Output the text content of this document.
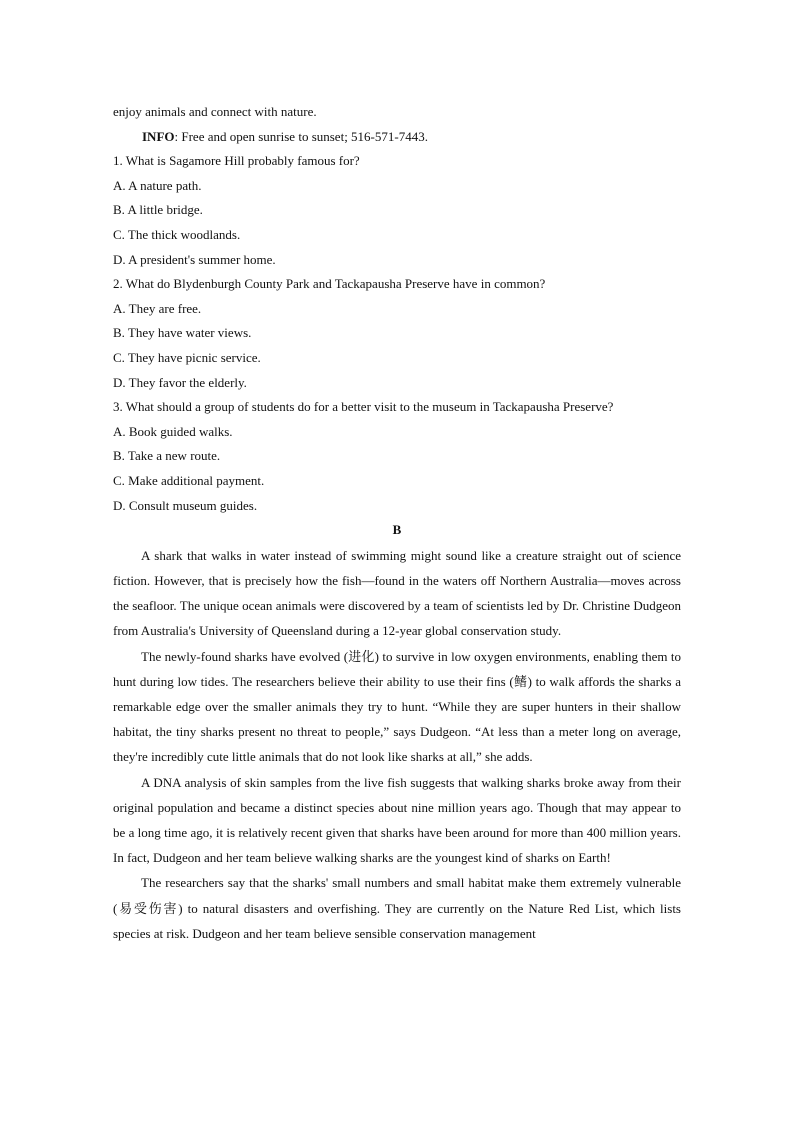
enjoy animals and connect with nature.
INFO: Free and open sunrise to sunset; 516-571-7443.
1. What is Sagamore Hill probably famous for?
A. A nature path.
B. A little bridge.
C. The thick woodlands.
D. A president's summer home.
2. What do Blydenburgh County Park and Tackapausha Preserve have in common?
A. They are free.
B. They have water views.
C. They have picnic service.
D. They favor the elderly.
3. What should a group of students do for a better visit to the museum in Tackapausha Preserve?
A. Book guided walks.
B. Take a new route.
C. Make additional payment.
D. Consult museum guides.
B

A shark that walks in water instead of swimming might sound like a creature straight out of science fiction. However, that is precisely how the fish—found in the waters off Northern Australia—moves across the seafloor. The unique ocean animals were discovered by a team of scientists led by Dr. Christine Dudgeon from Australia's University of Queensland during a 12-year global conservation study.

The newly-found sharks have evolved (进化) to survive in low oxygen environments, enabling them to hunt during low tides. The researchers believe their ability to use their fins (鳍) to walk affords the sharks a remarkable edge over the smaller animals they try to hunt. “While they are super hunters in their shallow habitat, the tiny sharks present no threat to people,” says Dudgeon. “At less than a meter long on average, they're incredibly cute little animals that do not look like sharks at all,” she adds.

A DNA analysis of skin samples from the live fish suggests that walking sharks broke away from their original population and became a distinct species about nine million years ago. Though that may appear to be a long time ago, it is relatively recent given that sharks have been around for more than 400 million years. In fact, Dudgeon and her team believe walking sharks are the youngest kind of sharks on Earth!

The researchers say that the sharks' small numbers and small habitat make them extremely vulnerable (易受伤害) to natural disasters and overfishing. They are currently on the Nature Red List, which lists species at risk. Dudgeon and her team believe sensible conservation management
